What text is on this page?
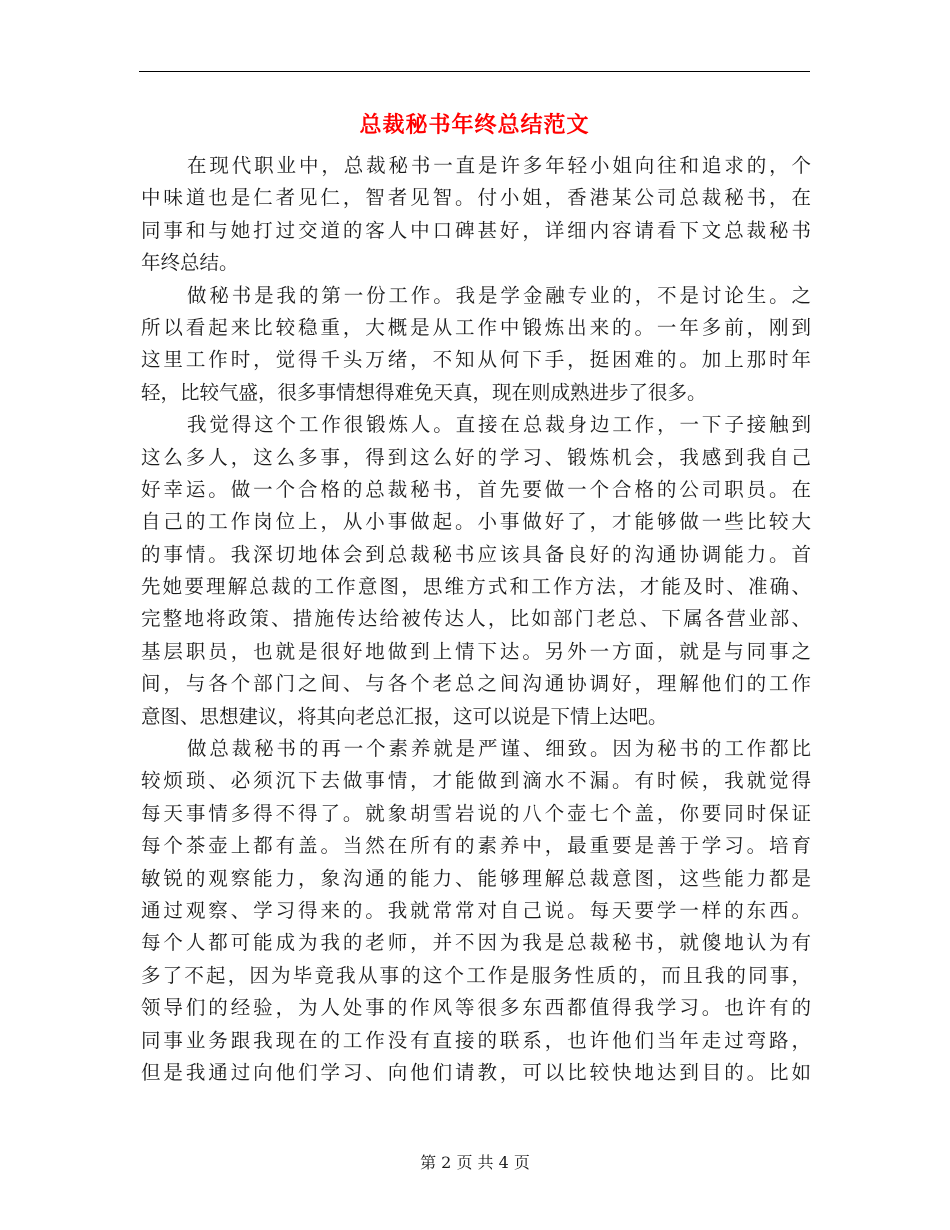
总裁秘书年终总结范文
在现代职业中，总裁秘书一直是许多年轻小姐向往和追求的，个
中味道也是仁者见仁，智者见智。付小姐，香港某公司总裁秘书，在
同事和与她打过交道的客人中口碑甚好，详细内容请看下文总裁秘书
年终总结。
做秘书是我的第一份工作。我是学金融专业的，不是讨论生。之
所以看起来比较稳重，大概是从工作中锻炼出来的。一年多前，刚到
这里工作时，觉得千头万绪，不知从何下手，挺困难的。加上那时年
轻，比较气盛，很多事情想得难免天真，现在则成熟进步了很多。
我觉得这个工作很锻炼人。直接在总裁身边工作，一下子接触到
这么多人，这么多事，得到这么好的学习、锻炼机会，我感到我自己
好幸运。做一个合格的总裁秘书，首先要做一个合格的公司职员。在
自己的工作岗位上，从小事做起。小事做好了，才能够做一些比较大
的事情。我深切地体会到总裁秘书应该具备良好的沟通协调能力。首
先她要理解总裁的工作意图，思维方式和工作方法，才能及时、准确、
完整地将政策、措施传达给被传达人，比如部门老总、下属各营业部、
基层职员，也就是很好地做到上情下达。另外一方面，就是与同事之
间，与各个部门之间、与各个老总之间沟通协调好，理解他们的工作
意图、思想建议，将其向老总汇报，这可以说是下情上达吧。
做总裁秘书的再一个素养就是严谨、细致。因为秘书的工作都比
较烦琐、必须沉下去做事情，才能做到滴水不漏。有时候，我就觉得
每天事情多得不得了。就象胡雪岩说的八个壶七个盖，你要同时保证
每个茶壶上都有盖。当然在所有的素养中，最重要是善于学习。培育
敏锐的观察能力，象沟通的能力、能够理解总裁意图，这些能力都是
通过观察、学习得来的。我就常常对自己说。每天要学一样的东西。
每个人都可能成为我的老师，并不因为我是总裁秘书，就傻地认为有
多了不起，因为毕竟我从事的这个工作是服务性质的，而且我的同事，
领导们的经验，为人处事的作风等很多东西都值得我学习。也许有的
同事业务跟我现在的工作没有直接的联系，也许他们当年走过弯路，
但是我通过向他们学习、向他们请教，可以比较快地达到目的。比如
第 2 页 共 4 页
